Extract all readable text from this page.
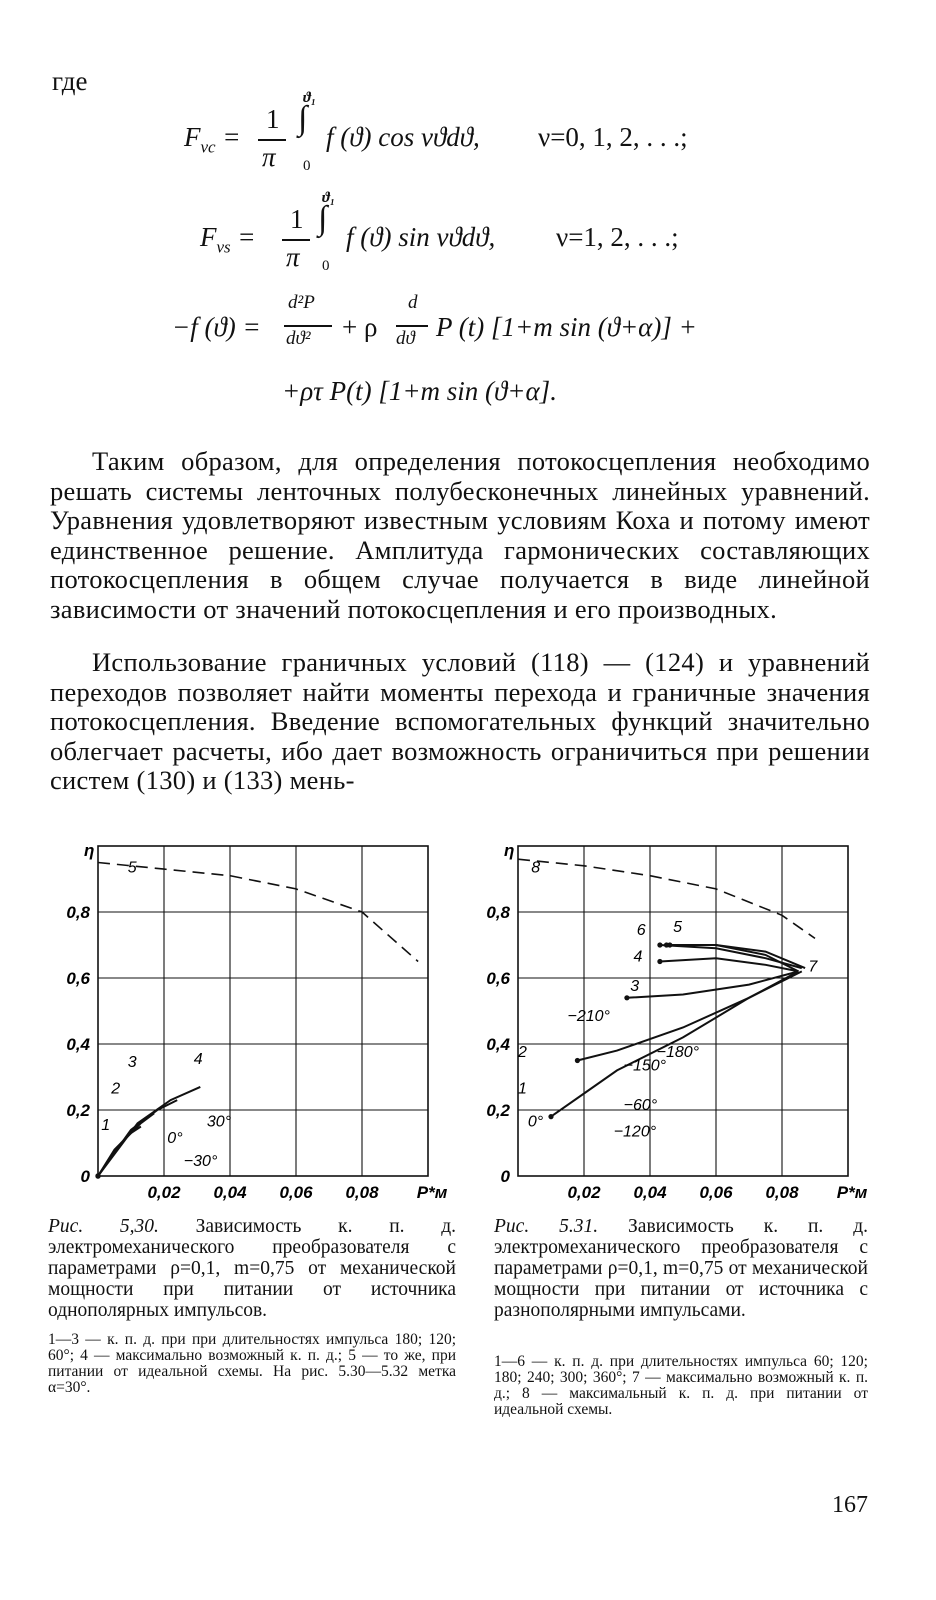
где
$F_{\nu c}$ =
1
π
∫
ϑ₁
0
f (ϑ) cos νϑdϑ, ν=0, 1, 2, . . .;
$F_{\nu s}$ =
1
π
∫
ϑ₁
0
f (ϑ) sin νϑdϑ, ν=1, 2, . . .;
−f (ϑ) =
d²P
dϑ² + ρ
d
dϑ P (t) [1+m sin (ϑ+α)] +
+ρτ P(t) [1+m sin (ϑ+α].
Таким образом, для определения потокосцепления необходимо решать системы ленточных полубесконечных линейных уравнений. Уравнения удовлетворяют известным условиям Коха и потому имеют единственное решение. Амплитуда гармонических составляющих потокосцепления в общем случае получается в виде линейной зависимости от значений потокосцепления и его производных.
Использование граничных условий (118) — (124) и уравнений переходов позволяет найти моменты перехода и граничные значения потокосцепления. Введение вспомогательных функций значительно облегчает расчеты, ибо дает возможность ограничиться при решении систем (130) и (133) мень-
0
0,2
0,4
0,6
0,8
η
0,02 0,04 0,06 0,08 P*м
1
2
3	4
5
30°
0°
−30°
0
0,2
0,4
0,6
0,8
η
0,02 0,04 0,06 0,08 P*м
1
2
3
4
5
6
7
8
−210°
−180°
−150°
−60°
0°
−120°
Рис. 5,30. Зависимость к. п. д. электромеханического преобразователя с параметрами ρ=0,1, m=0,75 от механической мощности при питании от источника однополярных импульсов.
1—3 — к. п. д. при при длительностях импульса 180; 120; 60°; 4 — максимально возможный к. п. д.; 5 — то же, при питании от идеальной схемы. На рис. 5.30—5.32 метка α=30°.
Рис. 5.31. Зависимость к. п. д. электромеханического преобразователя с параметрами ρ=0,1, m=0,75 от механической мощности при питании от источника с разнополярными импульсами.
1—6 — к. п. д. при длительностях импульса 60; 120; 180; 240; 300; 360°; 7 — максимально возможный к. п. д.; 8 — максимальный к. п. д. при питании от идеальной схемы.
167
